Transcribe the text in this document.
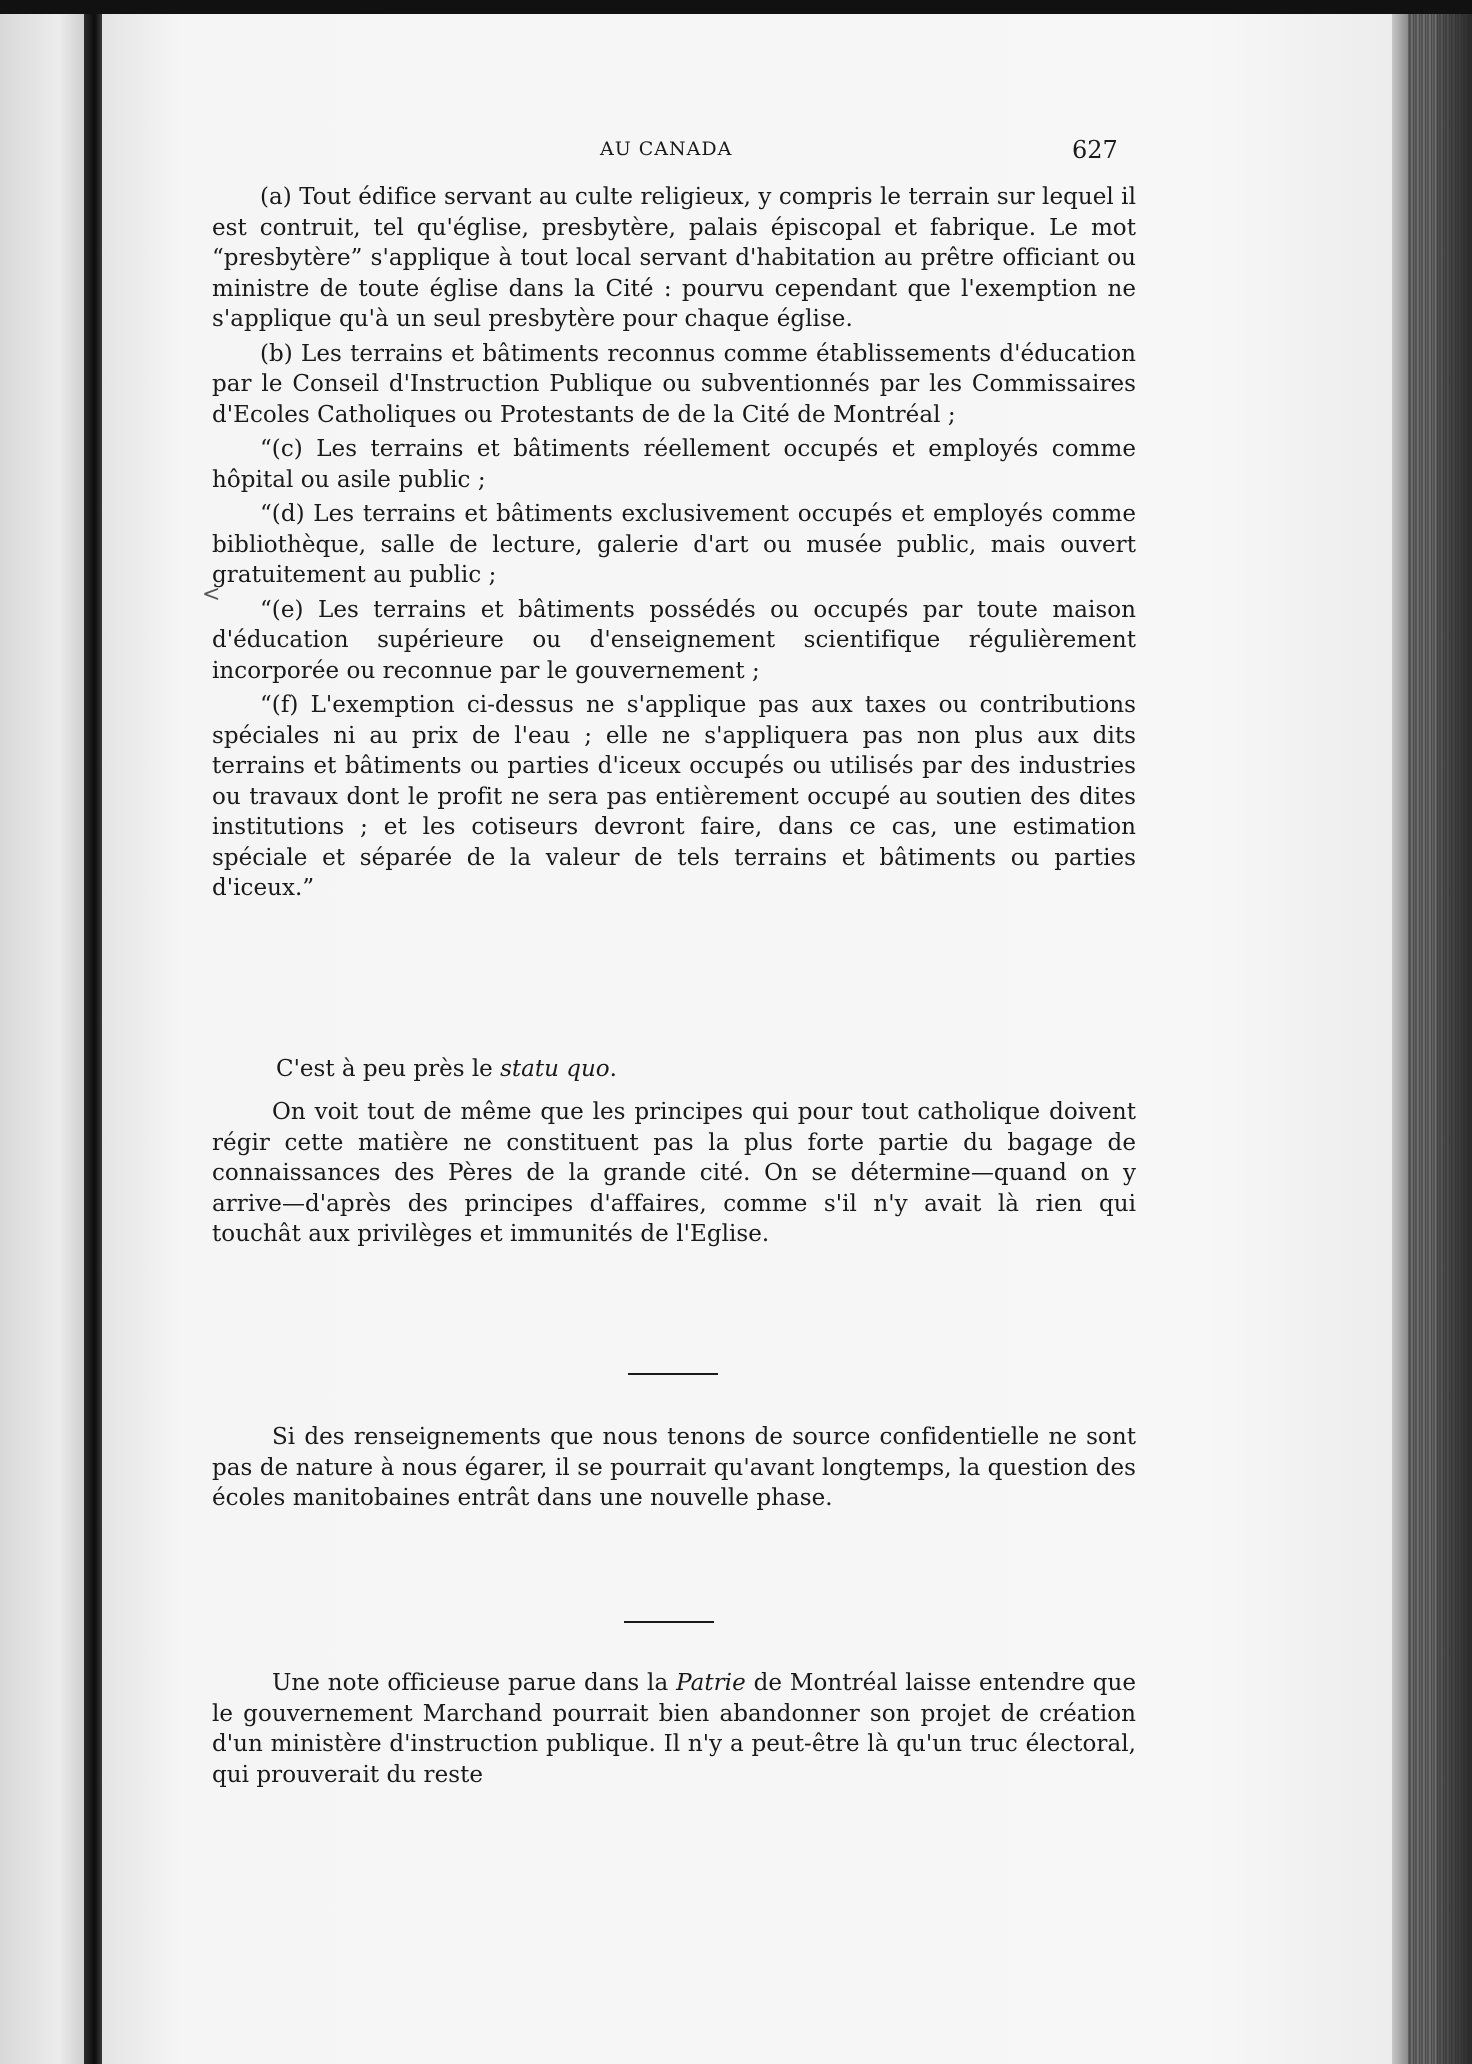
AU CANADA	627
<

(a) Tout édifice servant au culte religieux, y compris le terrain sur lequel il est contruit, tel qu'église, presbytère, palais épiscopal et fabrique. Le mot “presbytère” s'applique à tout local servant d'habitation au prêtre officiant ou ministre de toute église dans la Cité : pourvu cependant que l'exemption ne s'applique qu'à un seul presbytère pour chaque église.

(b) Les terrains et bâtiments reconnus comme établissements d'éducation par le Conseil d'Instruction Publique ou subventionnés par les Commissaires d'Ecoles Catholiques ou Protestants de de la Cité de Montréal ;

“(c) Les terrains et bâtiments réellement occupés et employés comme hôpital ou asile public ;

“(d) Les terrains et bâtiments exclusivement occupés et employés comme bibliothèque, salle de lecture, galerie d'art ou musée public, mais ouvert gratuitement au public ;

“(e) Les terrains et bâtiments possédés ou occupés par toute maison d'éducation supérieure ou d'enseignement scientifique régulièrement incorporée ou reconnue par le gouvernement ;

“(f) L'exemption ci-dessus ne s'applique pas aux taxes ou contributions spéciales ni au prix de l'eau ; elle ne s'appliquera pas non plus aux dits terrains et bâtiments ou parties d'iceux occupés ou utilisés par des industries ou travaux dont le profit ne sera pas entièrement occupé au soutien des dites institutions ; et les cotiseurs devront faire, dans ce cas, une estimation spéciale et séparée de la valeur de tels terrains et bâtiments ou parties d'iceux.”

C'est à peu près le statu quo.

On voit tout de même que les principes qui pour tout catholique doivent régir cette matière ne constituent pas la plus forte partie du bagage de connaissances des Pères de la grande cité. On se détermine—quand on y arrive—d'après des principes d'affaires, comme s'il n'y avait là rien qui touchât aux privilèges et immunités de l'Eglise.

Si des renseignements que nous tenons de source confidentielle ne sont pas de nature à nous égarer, il se pourrait qu'avant longtemps, la question des écoles manitobaines entrât dans une nouvelle phase.

Une note officieuse parue dans la Patrie de Montréal laisse entendre que le gouvernement Marchand pourrait bien abandonner son projet de création d'un ministère d'instruction publique. Il n'y a peut-être là qu'un truc électoral, qui prouverait du reste
